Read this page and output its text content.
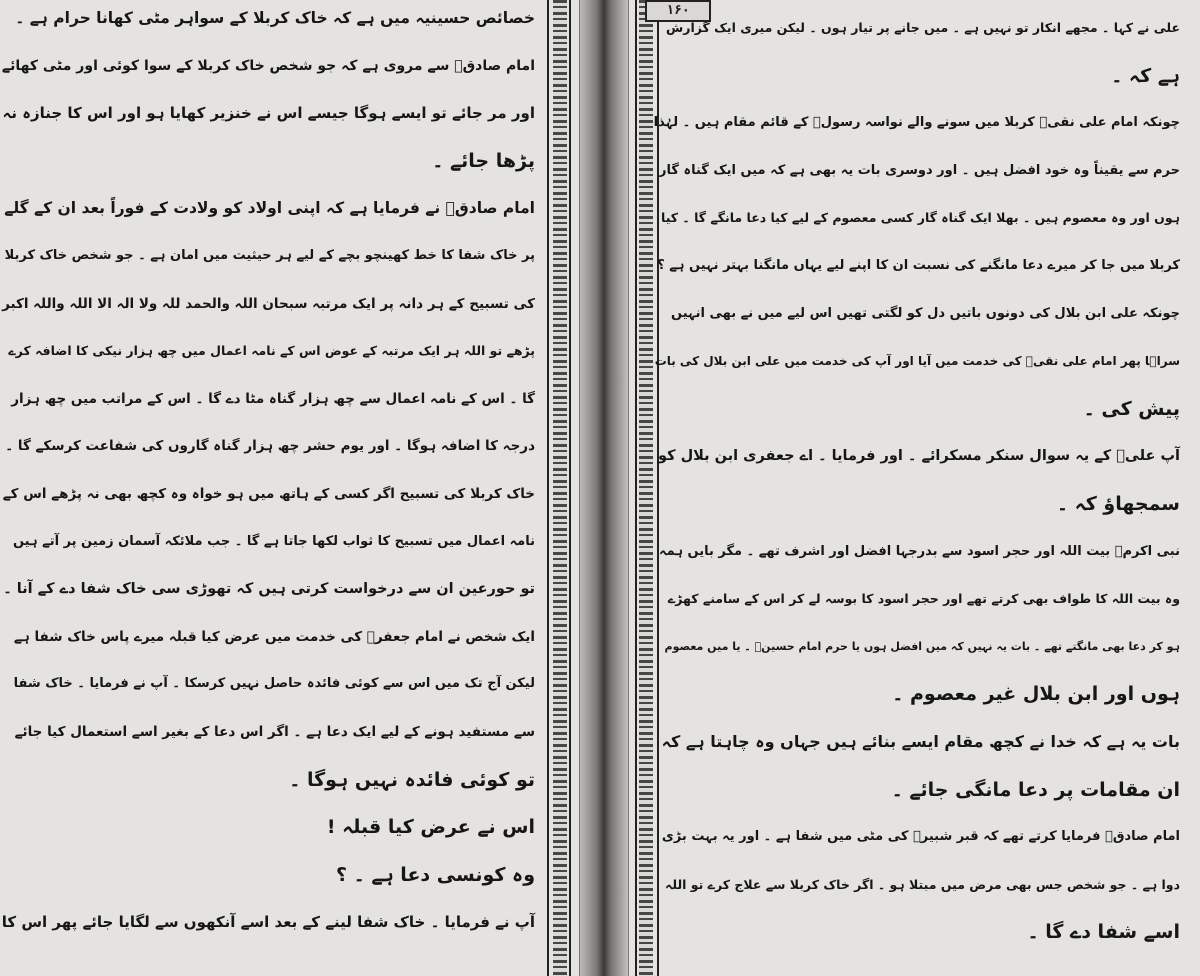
خصائص حسینیہ میں ہے کہ خاک کربلا کے سواہر مٹی کھانا حرام ہے ۔
امام صادقؑ سے مروی ہے کہ جو شخص خاک کربلا کے سوا کوئی اور مٹی کھائے
اور مر جائے تو ایسے ہوگا جیسے اس نے خنزیر کھایا ہو اور اس کا جنازہ نہ
پڑھا جائے ۔
امام صادقؑ نے فرمایا ہے کہ اپنی اولاد کو ولادت کے فوراً بعد ان کے گلے
پر خاک شفا کا خط کھینچو بچے کے لیے ہر حیثیت میں امان ہے ۔ جو شخص خاک کربلا
کی تسبیح کے ہر دانہ پر ایک مرتبہ سبحان اللہ والحمد للہ ولا الہ الا اللہ واللہ اکبر
پڑھے تو اللہ ہر ایک مرتبہ کے عوض اس کے نامہ اعمال میں چھ ہزار نیکی کا اضافہ کرے
گا ۔ اس کے نامہ اعمال سے چھ ہزار گناہ مٹا دے گا ۔ اس کے مراتب میں چھ ہزار
درجہ کا اضافہ ہوگا ۔ اور یوم حشر چھ ہزار گناہ گاروں کی شفاعت کرسکے گا ۔
خاک کربلا کی تسبیح اگر کسی کے ہاتھ میں ہو خواہ وہ کچھ بھی نہ پڑھے اس کے
نامہ اعمال میں تسبیح کا ثواب لکھا جاتا ہے گا ۔ جب ملائکہ آسمان زمین پر آتے ہیں
تو حورعین ان سے درخواست کرتی ہیں کہ تھوڑی سی خاک شفا دے کے آنا ۔
ایک شخص نے امام جعفرؑ کی خدمت میں عرض کیا قبلہ میرے پاس خاک شفا ہے
لیکن آج تک میں اس سے کوئی فائدہ حاصل نہیں کرسکا ۔ آپ نے فرمایا ۔ خاک شفا
سے مستفید ہونے کے لیے ایک دعا ہے ۔ اگر اس دعا کے بغیر اسے استعمال کیا جائے
تو کوئی فائدہ نہیں ہوگا ۔
اس نے عرض کیا قبلہ !
وہ کونسی دعا ہے ۔ ؟
آپ نے فرمایا ۔ خاک شفا لینے کے بعد اسے آنکھوں سے لگایا جائے پھر اس کا
۱۶۰
علی نے کہا ۔ مجھے انکار تو نہیں ہے ۔ میں جانے پر تیار ہوں ۔ لیکن میری ایک گزارش
ہے کہ ۔
چونکہ امام علی نقیؑ کربلا میں سونے والے نواسہ رسولؐ کے قائم مقام ہیں ۔ لہٰذا
حرم سے یقیناً وہ خود افضل ہیں ۔ اور دوسری بات یہ بھی ہے کہ میں ایک گناہ گار
ہوں اور وہ معصوم ہیں ۔ بھلا ایک گناہ گار کسی معصوم کے لیے کیا دعا مانگے گا ۔ کیا
کربلا میں جا کر میرے دعا مانگنے کی نسبت ان کا اپنے لیے یہاں مانگنا بہتر نہیں ہے ؟
چونکہ علی ابن بلال کی دونوں باتیں دل کو لگتی تھیں اس لیے میں نے بھی انہیں
سراہا پھر امام علی نقیؑ کی خدمت میں آیا اور آپ کی خدمت میں علی ابن بلال کی بات
پیش کی ۔
آپ علیؑ کے یہ سوال سنکر مسکرائے ۔ اور فرمایا ۔ اے جعفری ابن بلال کو
سمجھاؤ کہ ۔
نبی اکرمؐ بیت اللہ اور حجر اسود سے بدرجہا افضل اور اشرف تھے ۔ مگر بایں ہمہ
وہ بیت اللہ کا طواف بھی کرتے تھے اور حجر اسود کا بوسہ لے کر اس کے سامنے کھڑے
ہو کر دعا بھی مانگتے تھے ۔ بات یہ نہیں کہ میں افضل ہوں یا حرم امام حسینؑ ۔ یا میں معصوم
ہوں اور ابن بلال غیر معصوم ۔
بات یہ ہے کہ خدا نے کچھ مقام ایسے بنائے ہیں جہاں وہ چاہتا ہے کہ
ان مقامات پر دعا مانگی جائے ۔
امام صادقؑ فرمایا کرتے تھے کہ قبر شبیرؑ کی مٹی میں شفا ہے ۔ اور یہ بہت بڑی
دوا ہے ۔ جو شخص جس بھی مرض میں مبتلا ہو ۔ اگر خاک کربلا سے علاج کرے تو اللہ
اسے شفا دے گا ۔
